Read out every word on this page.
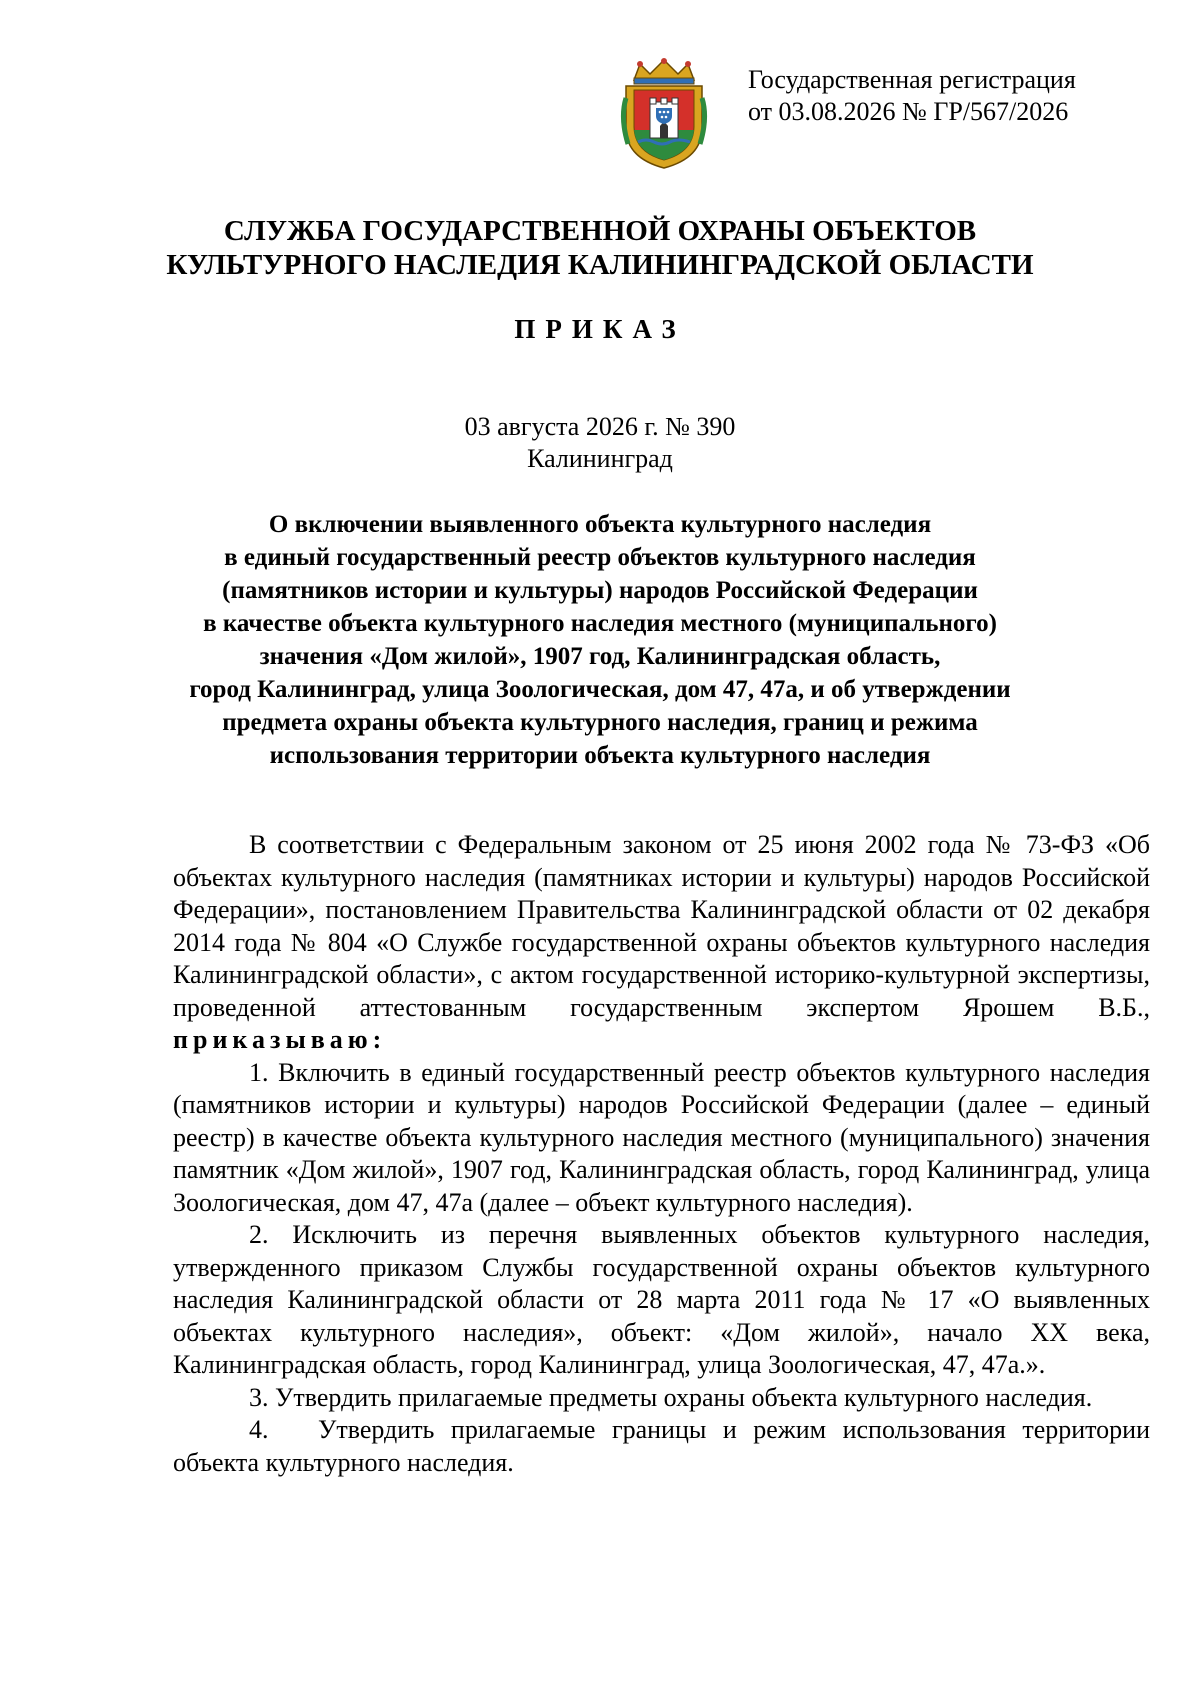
Государственная регистрация
от 03.08.2026 № ГР/567/2026
СЛУЖБА ГОСУДАРСТВЕННОЙ ОХРАНЫ ОБЪЕКТОВ
КУЛЬТУРНОГО НАСЛЕДИЯ КАЛИНИНГРАДСКОЙ ОБЛАСТИ
ПРИКАЗ
03 августа 2026 г. № 390
Калининград
О включении выявленного объекта культурного наследия
в единый государственный реестр объектов культурного наследия
(памятников истории и культуры) народов Российской Федерации
в качестве объекта культурного наследия местного (муниципального)
значения «Дом жилой», 1907 год, Калининградская область,
город Калининград, улица Зоологическая, дом 47, 47а, и об утверждении
предмета охраны объекта культурного наследия, границ и режима
использования территории объекта культурного наследия

В соответствии с Федеральным законом от 25 июня 2002 года № 73-ФЗ «Об объектах культурного наследия (памятниках истории и культуры) народов Российской Федерации», постановлением Правительства Калининградской области от 02 декабря 2014 года № 804 «О Службе государственной охраны объектов культурного наследия Калининградской области», с актом государственной историко-культурной экспертизы, проведенной аттестованным государственным экспертом Ярошем В.Б., приказываю:

1. Включить в единый государственный реестр объектов культурного наследия (памятников истории и культуры) народов Российской Федерации (далее – единый реестр) в качестве объекта культурного наследия местного (муниципального) значения памятник «Дом жилой», 1907 год, Калининградская область, город Калининград, улица Зоологическая, дом 47, 47а (далее – объект культурного наследия).

2. Исключить из перечня выявленных объектов культурного наследия, утвержденного приказом Службы государственной охраны объектов культурного наследия Калининградской области от 28 марта 2011 года № 17 «О выявленных объектах культурного наследия», объект: «Дом жилой», начало XX века, Калининградская область, город Калининград, улица Зоологическая, 47, 47а.».

3. Утвердить прилагаемые предметы охраны объекта культурного наследия.

4.   Утвердить прилагаемые границы и режим использования территории объекта культурного наследия.
